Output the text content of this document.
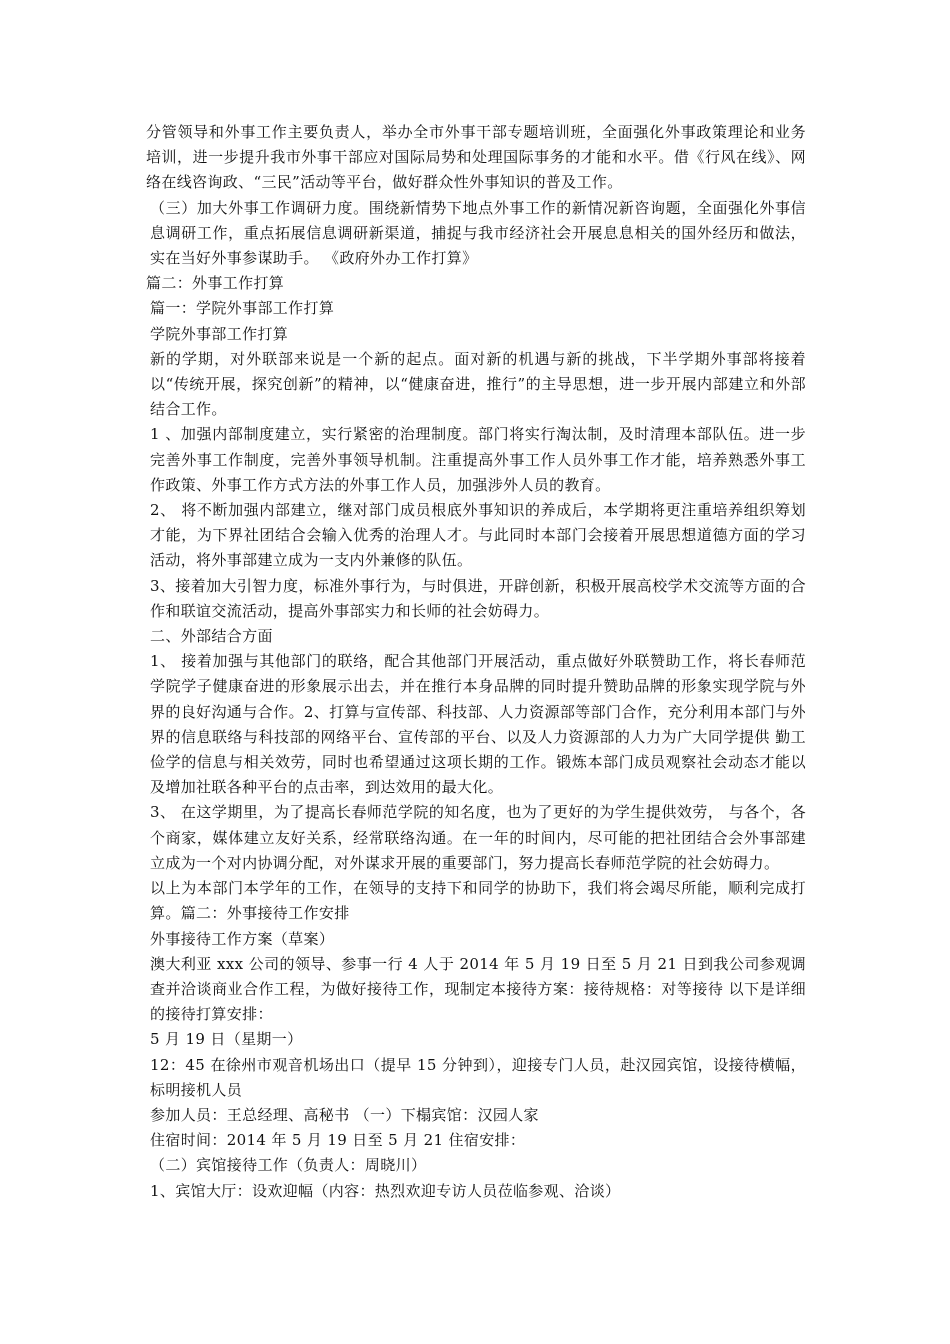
分管领导和外事工作主要负责人，举办全市外事干部专题培训班，全面强化外事政策理论和业务培训，进一步提升我市外事干部应对国际局势和处理国际事务的才能和水平。借《行风在线》、网络在线咨询政、“三民”活动等平台，做好群众性外事知识的普及工作。

（三）加大外事工作调研力度。围绕新情势下地点外事工作的新情况新咨询题，全面强化外事信息调研工作，重点拓展信息调研新渠道，捕捉与我市经济社会开展息息相关的国外经历和做法，实在当好外事参谋助手。 《政府外办工作打算》

篇二：外事工作打算

篇一：学院外事部工作打算

学院外事部工作打算

新的学期，对外联部来说是一个新的起点。面对新的机遇与新的挑战，下半学期外事部将接着以“传统开展，探究创新”的精神，以“健康奋进，推行”的主导思想，进一步开展内部建立和外部结合工作。

1 、加强内部制度建立，实行紧密的治理制度。部门将实行淘汰制，及时清理本部队伍。进一步完善外事工作制度，完善外事领导机制。注重提高外事工作人员外事工作才能，培养熟悉外事工作政策、外事工作方式方法的外事工作人员，加强涉外人员的教育。

2、 将不断加强内部建立，继对部门成员根底外事知识的养成后，本学期将更注重培养组织筹划才能，为下界社团结合会输入优秀的治理人才。与此同时本部门会接着开展思想道德方面的学习活动，将外事部建立成为一支内外兼修的队伍。

3、接着加大引智力度，标准外事行为，与时俱进，开辟创新，积极开展高校学术交流等方面的合作和联谊交流活动，提高外事部实力和长师的社会妨碍力。

二、外部结合方面

1、 接着加强与其他部门的联络，配合其他部门开展活动，重点做好外联赞助工作，将长春师范学院学子健康奋进的形象展示出去，并在推行本身品牌的同时提升赞助品牌的形象实现学院与外界的良好沟通与合作。2、打算与宣传部、科技部、人力资源部等部门合作，充分利用本部门与外界的信息联络与科技部的网络平台、宣传部的平台、以及人力资源部的人力为广大同学提供 勤工俭学的信息与相关效劳，同时也希望通过这项长期的工作。锻炼本部门成员观察社会动态才能以及增加社联各种平台的点击率，到达效用的最大化。

3、 在这学期里，为了提高长春师范学院的知名度，也为了更好的为学生提供效劳， 与各个，各个商家，媒体建立友好关系，经常联络沟通。在一年的时间内，尽可能的把社团结合会外事部建立成为一个对内协调分配，对外谋求开展的重要部门，努力提高长春师范学院的社会妨碍力。

以上为本部门本学年的工作，在领导的支持下和同学的协助下，我们将会竭尽所能，顺利完成打算。篇二：外事接待工作安排

外事接待工作方案（草案）

澳大利亚 xxx 公司的领导、参事一行 4 人于 2014 年 5 月 19 日至 5 月 21 日到我公司参观调查并洽谈商业合作工程，为做好接待工作，现制定本接待方案：接待规格：对等接待 以下是详细的接待打算安排：

5 月 19 日（星期一）

12：45 在徐州市观音机场出口（提早 15 分钟到），迎接专门人员，赴汉园宾馆，设接待横幅，标明接机人员

参加人员：王总经理、高秘书 （一）下榻宾馆：汉园人家

住宿时间：2014 年 5 月 19 日至 5 月 21 住宿安排：

（二）宾馆接待工作（负责人：周晓川）

1、宾馆大厅：设欢迎幅（内容：热烈欢迎专访人员莅临参观、洽谈）
